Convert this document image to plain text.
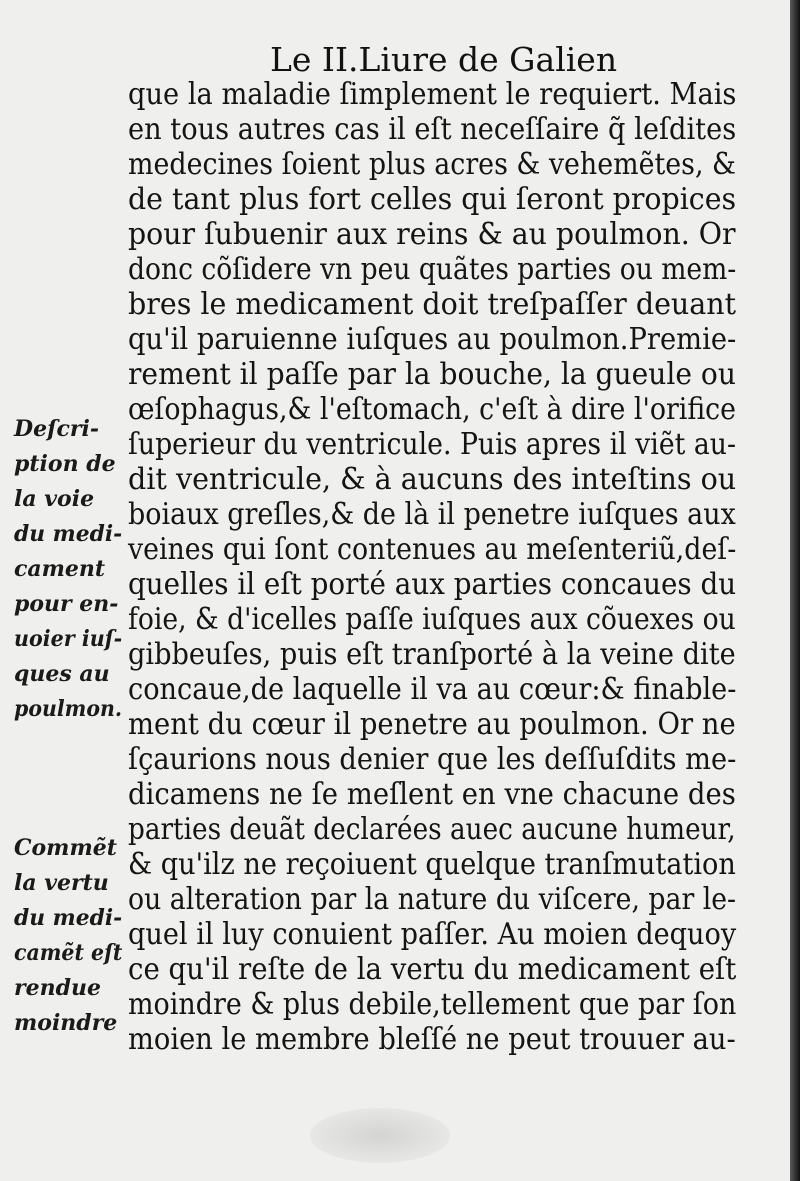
Le II.Liure de Galien
que la maladie ſimplement le requiert. Mais
en tous autres cas il eſt neceſſaire q̃ leſdites
medecines ſoient plus acres & vehemẽtes, &
de tant plus fort celles qui ſeront propices
pour ſubuenir aux reins & au poulmon. Or
donc cõſidere vn peu quãtes parties ou mem-
bres le medicament doit treſpaſſer deuant
qu'il paruienne iuſques au poulmon.Premie-
rement il paſſe par la bouche, la gueule ou
œſophagus,& l'eſtomach, c'eſt à dire l'orifice
ſuperieur du ventricule. Puis apres il viẽt au-
dit ventricule, & à aucuns des inteſtins ou
boiaux greſles,& de là il penetre iuſques aux
veines qui ſont contenues au meſenteriũ,deſ-
quelles il eſt porté aux parties concaues du
foie, & d'icelles paſſe iuſques aux cõuexes ou
gibbeuſes, puis eſt tranſporté à la veine dite
concaue,de laquelle il va au cœur:& finable-
ment du cœur il penetre au poulmon. Or ne
ſçaurions nous denier que les deſſuſdits me-
dicamens ne ſe meſlent en vne chacune des
parties deuãt declarées auec aucune humeur,
& qu'ilz ne reçoiuent quelque tranſmutation
ou alteration par la nature du viſcere, par le-
quel il luy conuient paſſer. Au moien dequoy
ce qu'il reſte de la vertu du medicament eſt
moindre & plus debile,tellement que par ſon
moien le membre bleſſé ne peut trouuer au-
Deſcri-
ption de
la voie
du medi-
cament
pour en-
uoier iuſ-
ques au
poulmon.
Commẽt
la vertu
du medi-
camẽt eſt
rendue
moindre
